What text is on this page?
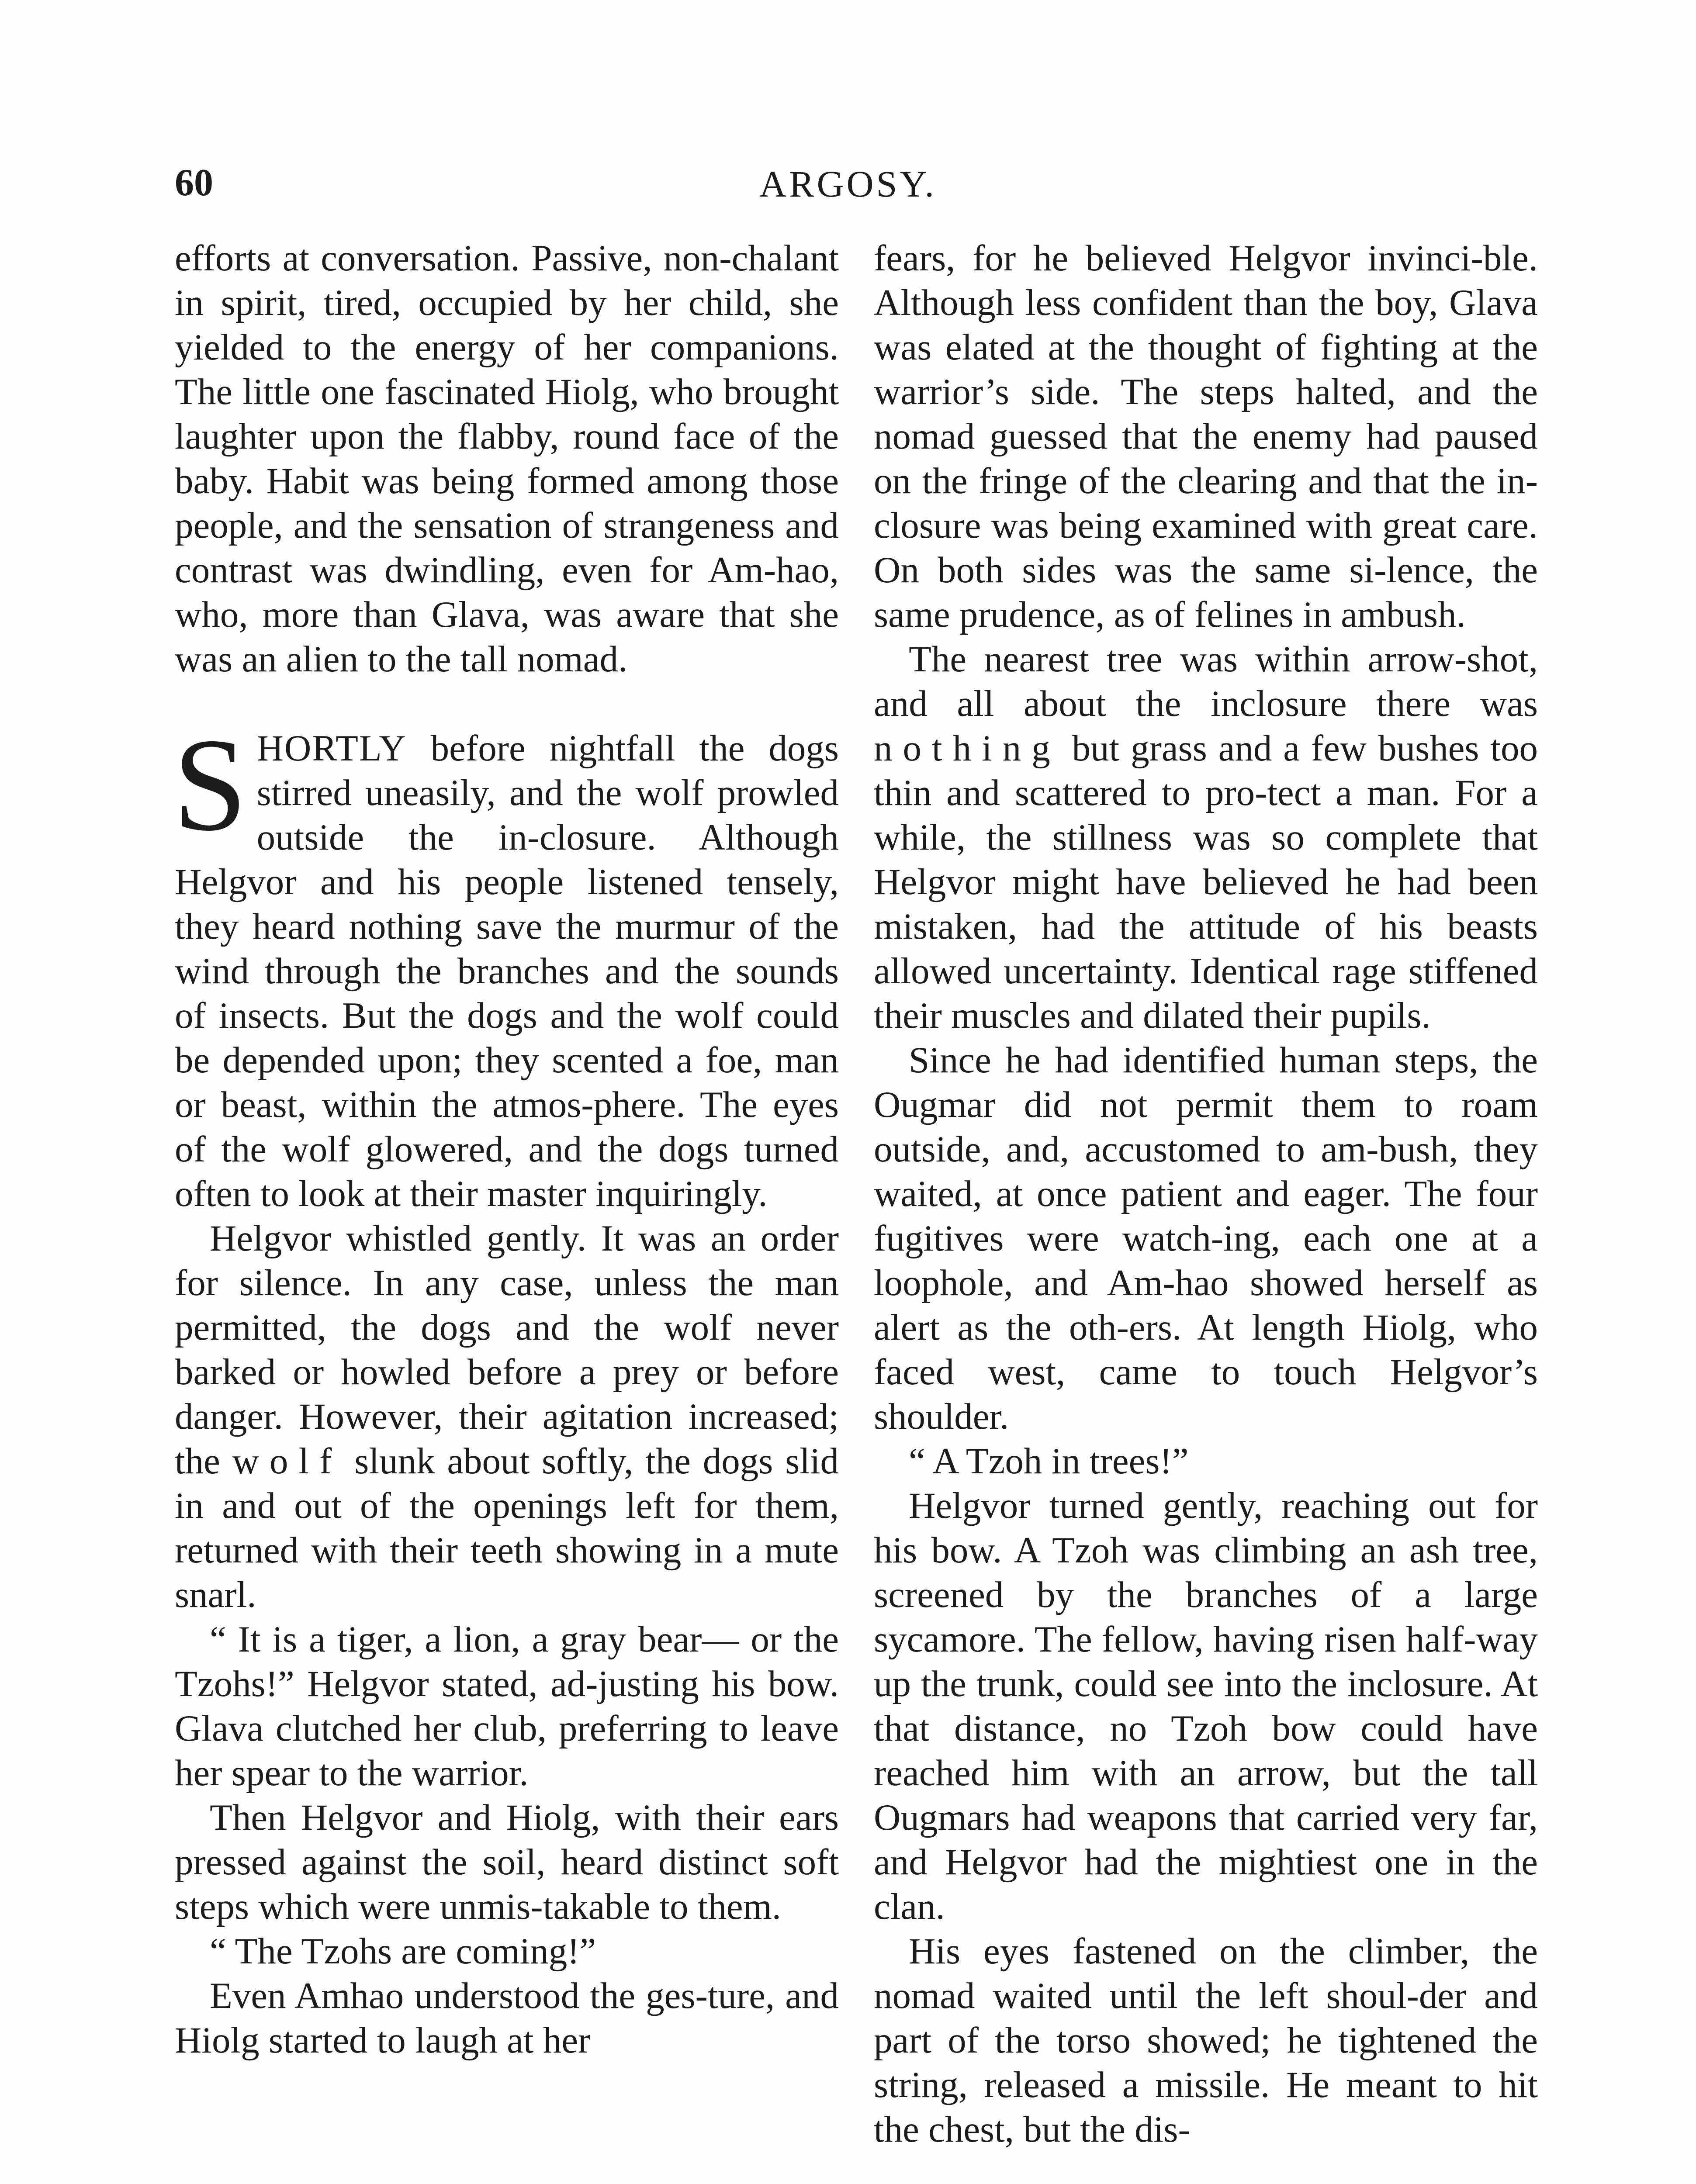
60	ARGOSY.

efforts at conversation. Passive, non-chalant in spirit, tired, occupied by her child, she yielded to the energy of her companions. The little one fascinated Hiolg, who brought laughter upon the flabby, round face of the baby. Habit was being formed among those people, and the sensation of strangeness and contrast was dwindling, even for Am-hao, who, more than Glava, was aware that she was an alien to the tall nomad.

SHORTLY before nightfall the dogs stirred uneasily, and the wolf prowled outside the in-closure. Although Helgvor and his people listened tensely, they heard nothing save the murmur of the wind through the branches and the sounds of insects. But the dogs and the wolf could be depended upon; they scented a foe, man or beast, within the atmos-phere. The eyes of the wolf glowered, and the dogs turned often to look at their master inquiringly.

Helgvor whistled gently. It was an order for silence. In any case, unless the man permitted, the dogs and the wolf never barked or howled before a prey or before danger. However, their agitation increased; the wolf slunk about softly, the dogs slid in and out of the openings left for them, returned with their teeth showing in a mute snarl.

“ It is a tiger, a lion, a gray bear— or the Tzohs!” Helgvor stated, ad-justing his bow. Glava clutched her club, preferring to leave her spear to the warrior.

Then Helgvor and Hiolg, with their ears pressed against the soil, heard distinct soft steps which were unmis-takable to them.

“ The Tzohs are coming!”

Even Amhao understood the ges-ture, and Hiolg started to laugh at her

fears, for he believed Helgvor invinci-ble. Although less confident than the boy, Glava was elated at the thought of fighting at the warrior’s side. The steps halted, and the nomad guessed that the enemy had paused on the fringe of the clearing and that the in-closure was being examined with great care. On both sides was the same si-lence, the same prudence, as of felines in ambush.

The nearest tree was within arrow-shot, and all about the inclosure there was nothing but grass and a few bushes too thin and scattered to pro-tect a man. For a while, the stillness was so complete that Helgvor might have believed he had been mistaken, had the attitude of his beasts allowed uncertainty. Identical rage stiffened their muscles and dilated their pupils.

Since he had identified human steps, the Ougmar did not permit them to roam outside, and, accustomed to am-bush, they waited, at once patient and eager. The four fugitives were watch-ing, each one at a loophole, and Am-hao showed herself as alert as the oth-ers. At length Hiolg, who faced west, came to touch Helgvor’s shoulder.

“ A Tzoh in trees!”

Helgvor turned gently, reaching out for his bow. A Tzoh was climbing an ash tree, screened by the branches of a large sycamore. The fellow, having risen half-way up the trunk, could see into the inclosure. At that distance, no Tzoh bow could have reached him with an arrow, but the tall Ougmars had weapons that carried very far, and Helgvor had the mightiest one in the clan.

His eyes fastened on the climber, the nomad waited until the left shoul-der and part of the torso showed; he tightened the string, released a missile. He meant to hit the chest, but the dis-
